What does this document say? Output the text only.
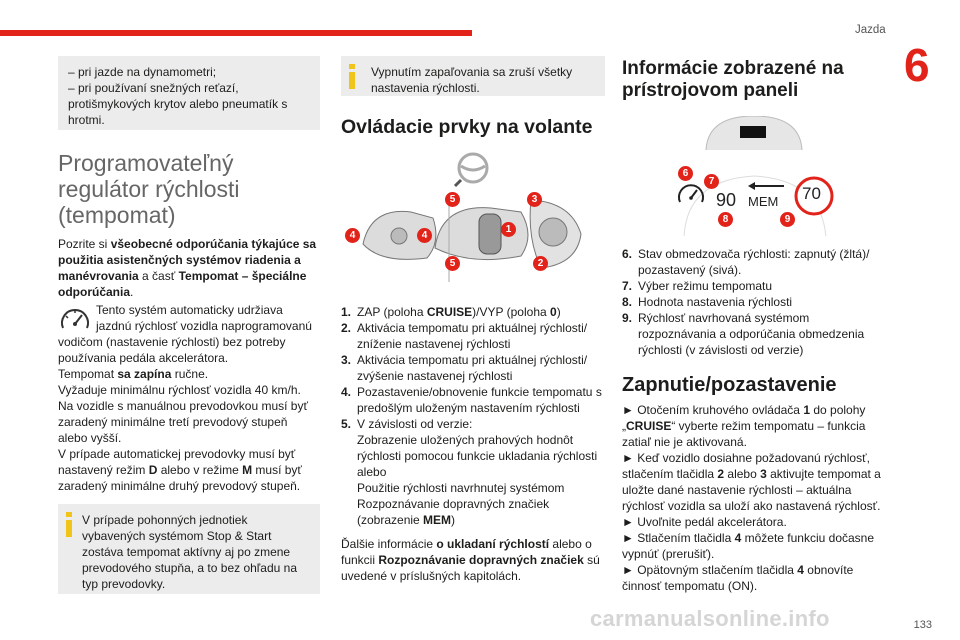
Jazda
6

– pri jazde na dynamometri;

– pri používaní snežných reťazí,

protišmykových krytov alebo pneumatík s

hrotmi.

Programovateľný

regulátor rýchlosti

(tempomat)

Pozrite si všeobecné odporúčania týkajúce sa použitia asistenčných systémov riadenia a manévrovania a časť Tempomat – špeciálne odporúčania.

Tento systém automaticky udržiava

jazdnú rýchlosť vozidla naprogramovanú

vodičom (nastavenie rýchlosti) bez potreby používania pedála akcelerátora.

Tempomat sa zapína ručne.

Vyžaduje minimálnu rýchlosť vozidla 40 km/h.

Na vozidle s manuálnou prevodovkou musí byť zaradený minimálne tretí prevodový stupeň alebo vyšší.

V prípade automatickej prevodovky musí byť nastavený režim D alebo v režime M musí byť zaradený minimálne druhý prevodový stupeň.

V prípade pohonných jednotiek vybavených systémom Stop & Start zostáva tempomat aktívny aj po zmene prevodového stupňa, a to bez ohľadu na typ prevodovky.

Vypnutím zapaľovania sa zruší všetky nastavenia rýchlosti.

Ovládacie prvky na volante

5	3
4	4
1
5	2
1. ZAP (poloha CRUISE)/VYP (poloha 0)
2. Aktivácia tempomatu pri aktuálnej rýchlosti/ zníženie nastavenej rýchlosti
3. Aktivácia tempomatu pri aktuálnej rýchlosti/ zvýšenie nastavenej rýchlosti
4. Pozastavenie/obnovenie funkcie tempomatu s predošlým uloženým nastavením rýchlosti
5. V závislosti od verzie:
Zobrazenie uložených prahových hodnôt rýchlosti pomocou funkcie ukladania rýchlosti
alebo
Použitie rýchlosti navrhnutej systémom Rozpoznávanie dopravných značiek (zobrazenie MEM)

Ďalšie informácie o ukladaní rýchlostí alebo o funkcii Rozpoznávanie dopravných značiek sú uvedené v príslušných kapitolách.

Informácie zobrazené na

prístrojovom paneli

90 MEM 70
6
7
8	9
6. Stav obmedzovača rýchlosti: zapnutý (žltá)/ pozastavený (sivá).
7. Výber režimu tempomatu
8. Hodnota nastavenia rýchlosti
9. Rýchlosť navrhovaná systémom rozpoznávania a odporúčania obmedzenia rýchlosti (v závislosti od verzie)

Zapnutie/pozastavenie

► Otočením kruhového ovládača 1 do polohy „CRUISE“ vyberte režim tempomatu – funkcia zatiaľ nie je aktivovaná.

► Keď vozidlo dosiahne požadovanú rýchlosť, stlačením tlačidla 2 alebo 3 aktivujte tempomat a uložte dané nastavenie rýchlosti – aktuálna rýchlosť vozidla sa uloží ako nastavená rýchlosť.

► Uvoľnite pedál akcelerátora.

► Stlačením tlačidla 4 môžete funkciu dočasne vypnúť (prerušiť).

► Opätovným stlačením tlačidla 4 obnovíte činnosť tempomatu (ON).

carmanualsonline.info	133
